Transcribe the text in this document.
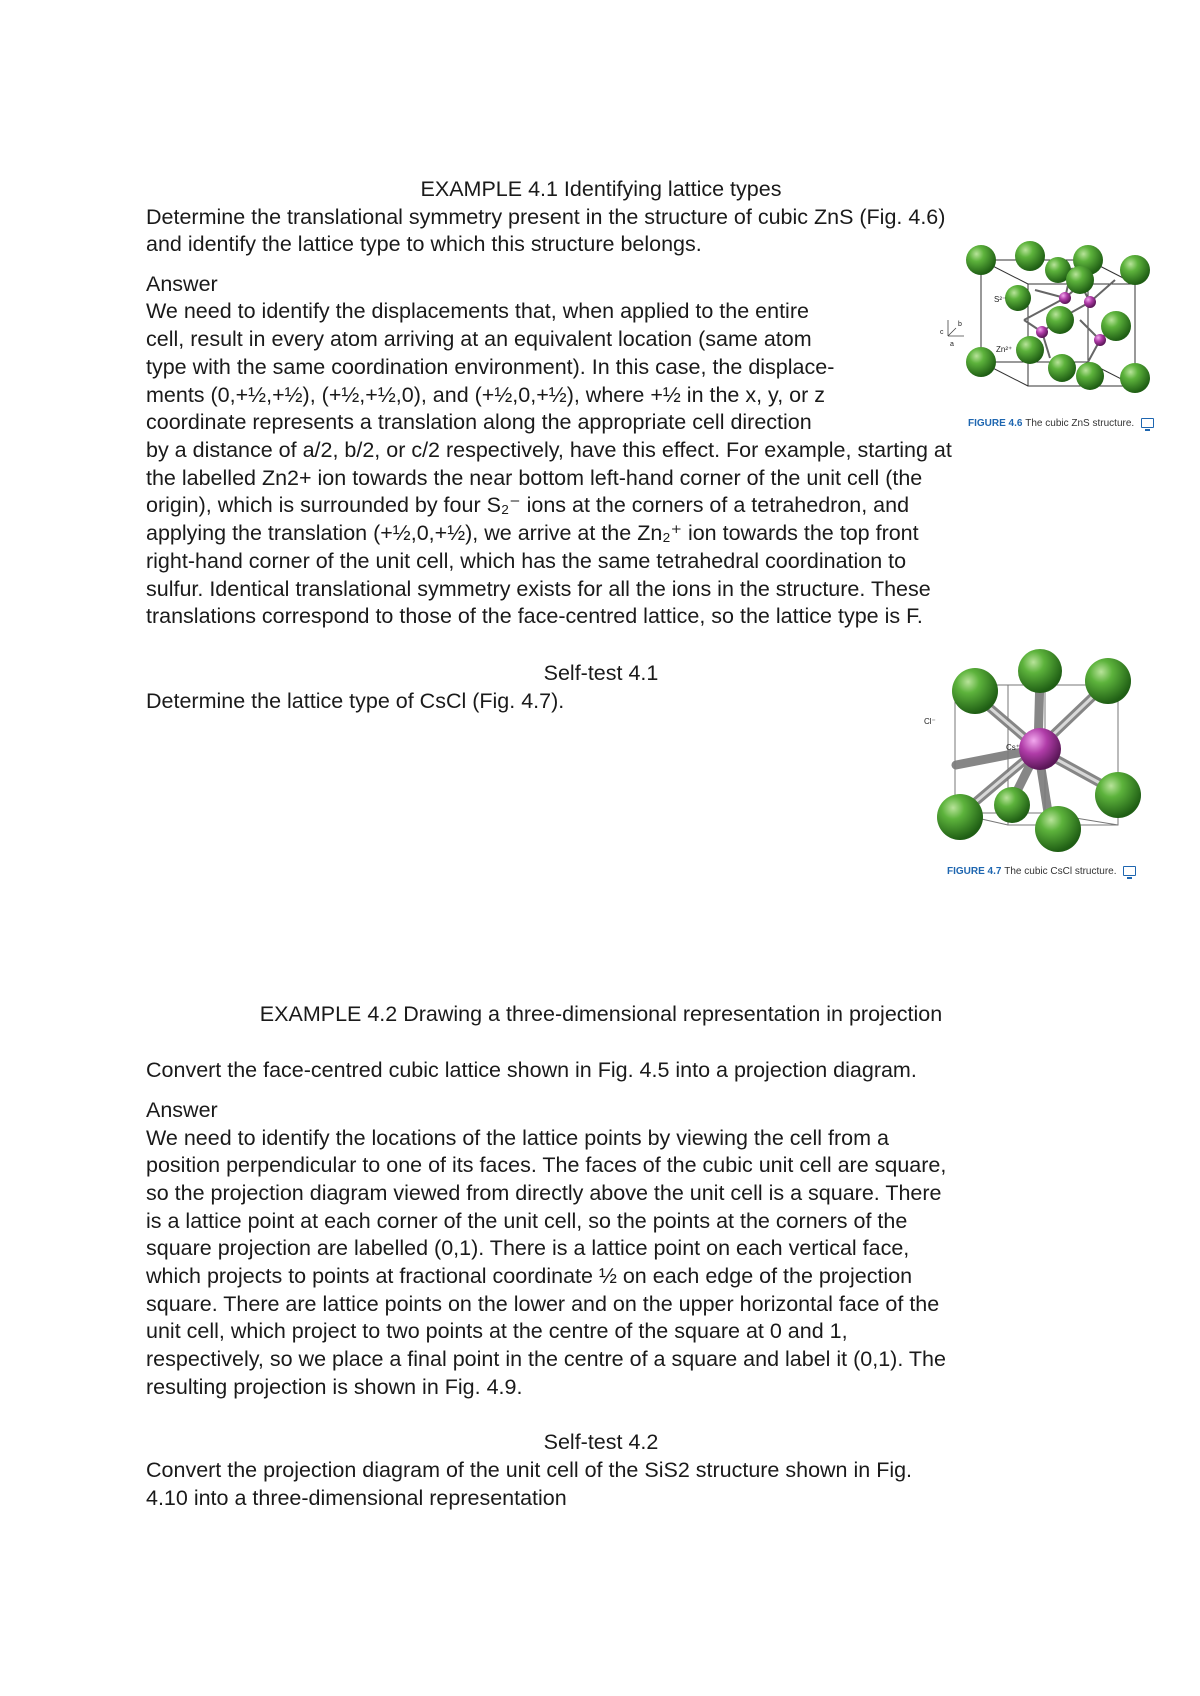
EXAMPLE 4.1 Identifying lattice types
Determine the translational symmetry present in the structure of cubic ZnS (Fig. 4.6)
and identify the lattice type to which this structure belongs.
Answer
We need to identify the displacements that, when applied to the entire
cell, result in every atom arriving at an equivalent location (same atom
type with the same coordination environment). In this case, the displace-
ments (0,+½,+½), (+½,+½,0), and (+½,0,+½), where +½ in the x, y, or z
coordinate represents a translation along the appropriate cell direction
by a distance of a/2, b/2, or c/2 respectively, have this effect. For example, starting at
the labelled Zn2+ ion towards the near bottom left-hand corner of the unit cell (the
origin), which is surrounded by four S₂⁻ ions at the corners of a tetrahedron, and
applying the translation (+½,0,+½), we arrive at the Zn₂⁺ ion towards the top front
right-hand corner of the unit cell, which has the same tetrahedral coordination to
sulfur. Identical translational symmetry exists for all the ions in the structure. These
translations correspond to those of the face-centred lattice, so the lattice type is F.
Self-test 4.1
Determine the lattice type of CsCl (Fig. 4.7).
S²⁻
Zn²⁺
c
b
a
FIGURE 4.6 The cubic ZnS structure.
Cl⁻
Cs⁺
FIGURE 4.7 The cubic CsCl structure.
EXAMPLE 4.2 Drawing a three-dimensional representation in projection
Convert the face-centred cubic lattice shown in Fig. 4.5 into a projection diagram.
Answer
We need to identify the locations of the lattice points by viewing the cell from a
position perpendicular to one of its faces. The faces of the cubic unit cell are square,
so the projection diagram viewed from directly above the unit cell is a square. There
is a lattice point at each corner of the unit cell, so the points at the corners of the
square projection are labelled (0,1). There is a lattice point on each vertical face,
which projects to points at fractional coordinate ½ on each edge of the projection
square. There are lattice points on the lower and on the upper horizontal face of the
unit cell, which project to two points at the centre of the square at 0 and 1,
respectively, so we place a final point in the centre of a square and label it (0,1). The
resulting projection is shown in Fig. 4.9.
Self-test 4.2
Convert the projection diagram of the unit cell of the SiS2 structure shown in Fig.
4.10 into a three-dimensional representation
